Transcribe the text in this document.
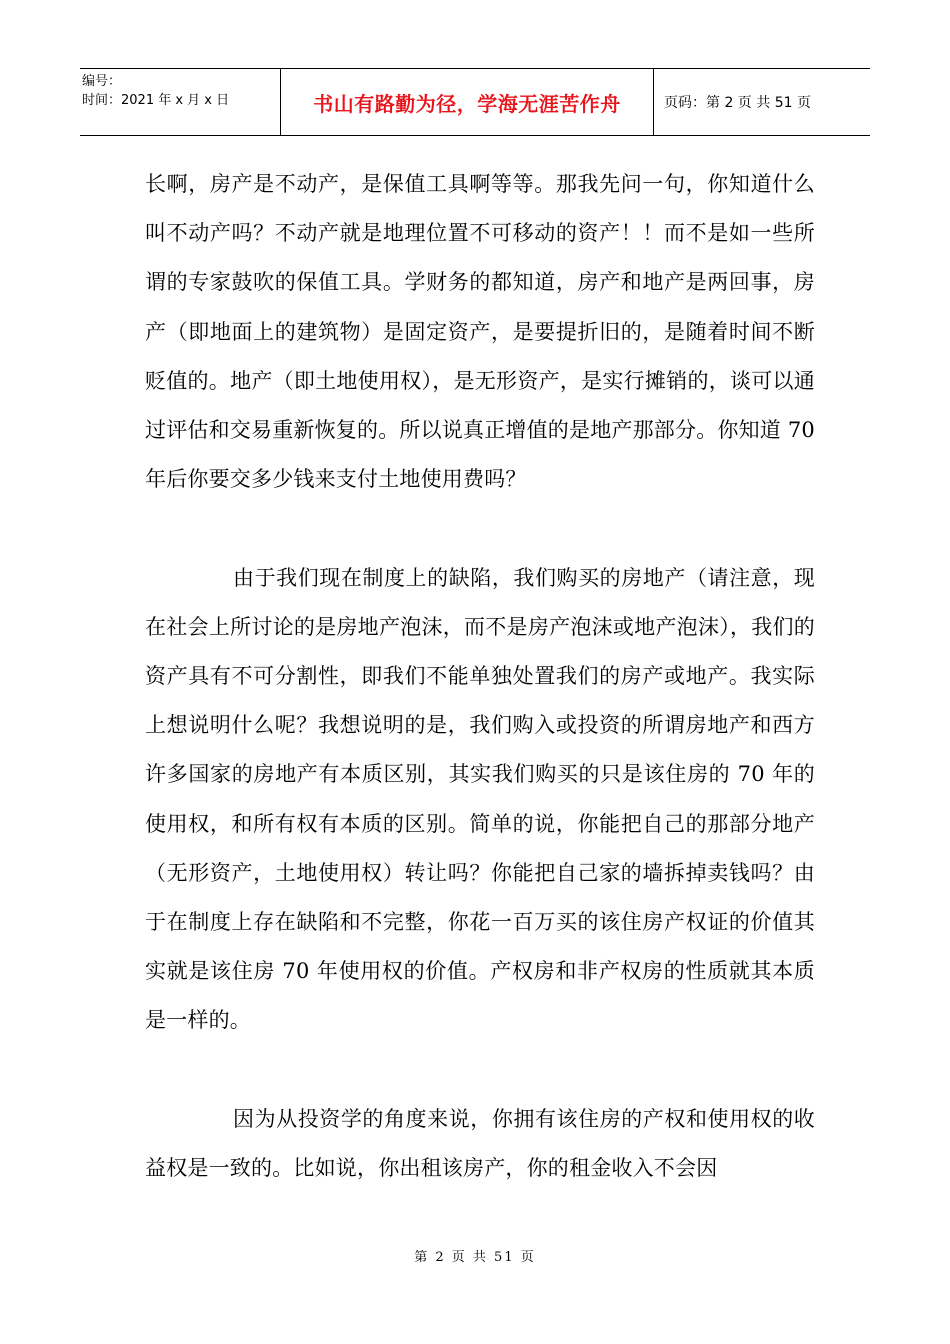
编号：
时间：2021 年 x 月 x 日	书山有路勤为径，学海无涯苦作舟	页码：第 2 页 共 51 页

长啊，房产是不动产，是保值工具啊等等。那我先问一句，你知道什么叫不动产吗？不动产就是地理位置不可移动的资产！！而不是如一些所谓的专家鼓吹的保值工具。学财务的都知道，房产和地产是两回事，房产（即地面上的建筑物）是固定资产，是要提折旧的，是随着时间不断贬值的。地产（即土地使用权），是无形资产，是实行摊销的，谈可以通过评估和交易重新恢复的。所以说真正增值的是地产那部分。你知道 70 年后你要交多少钱来支付土地使用费吗？

由于我们现在制度上的缺陷，我们购买的房地产（请注意，现在社会上所讨论的是房地产泡沫，而不是房产泡沫或地产泡沫），我们的资产具有不可分割性，即我们不能单独处置我们的房产或地产。我实际上想说明什么呢？我想说明的是，我们购入或投资的所谓房地产和西方许多国家的房地产有本质区别，其实我们购买的只是该住房的 70 年的使用权，和所有权有本质的区别。简单的说，你能把自己的那部分地产（无形资产，土地使用权）转让吗？你能把自己家的墙拆掉卖钱吗？由于在制度上存在缺陷和不完整，你花一百万买的该住房产权证的价值其实就是该住房 70 年使用权的价值。产权房和非产权房的性质就其本质是一样的。

因为从投资学的角度来说，你拥有该住房的产权和使用权的收益权是一致的。比如说，你出租该房产，你的租金收入不会因

第 2 页 共 51 页
